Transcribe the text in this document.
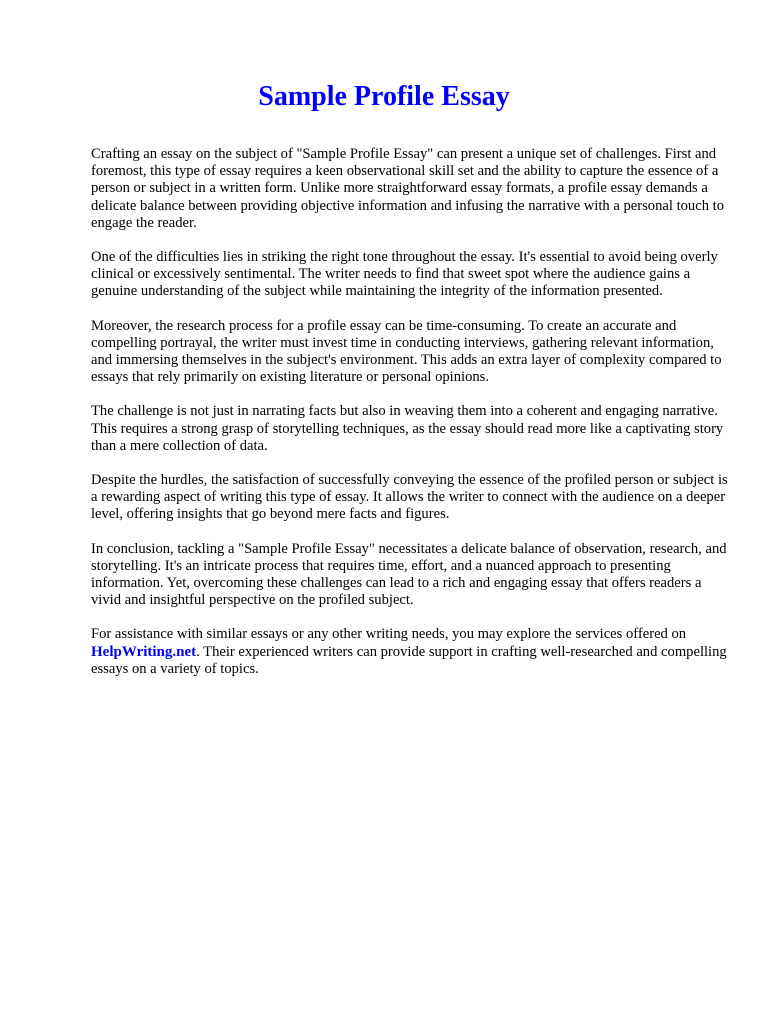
Sample Profile Essay

Crafting an essay on the subject of "Sample Profile Essay" can present a unique set of challenges. First and foremost, this type of essay requires a keen observational skill set and the ability to capture the essence of a person or subject in a written form. Unlike more straightforward essay formats, a profile essay demands a delicate balance between providing objective information and infusing the narrative with a personal touch to engage the reader.

One of the difficulties lies in striking the right tone throughout the essay. It's essential to avoid being overly clinical or excessively sentimental. The writer needs to find that sweet spot where the audience gains a genuine understanding of the subject while maintaining the integrity of the information presented.

Moreover, the research process for a profile essay can be time-consuming. To create an accurate and compelling portrayal, the writer must invest time in conducting interviews, gathering relevant information, and immersing themselves in the subject's environment. This adds an extra layer of complexity compared to essays that rely primarily on existing literature or personal opinions.

The challenge is not just in narrating facts but also in weaving them into a coherent and engaging narrative. This requires a strong grasp of storytelling techniques, as the essay should read more like a captivating story than a mere collection of data.

Despite the hurdles, the satisfaction of successfully conveying the essence of the profiled person or subject is a rewarding aspect of writing this type of essay. It allows the writer to connect with the audience on a deeper level, offering insights that go beyond mere facts and figures.

In conclusion, tackling a "Sample Profile Essay" necessitates a delicate balance of observation, research, and storytelling. It's an intricate process that requires time, effort, and a nuanced approach to presenting information. Yet, overcoming these challenges can lead to a rich and engaging essay that offers readers a vivid and insightful perspective on the profiled subject.

For assistance with similar essays or any other writing needs, you may explore the services offered on HelpWriting.net. Their experienced writers can provide support in crafting well-researched and compelling essays on a variety of topics.
